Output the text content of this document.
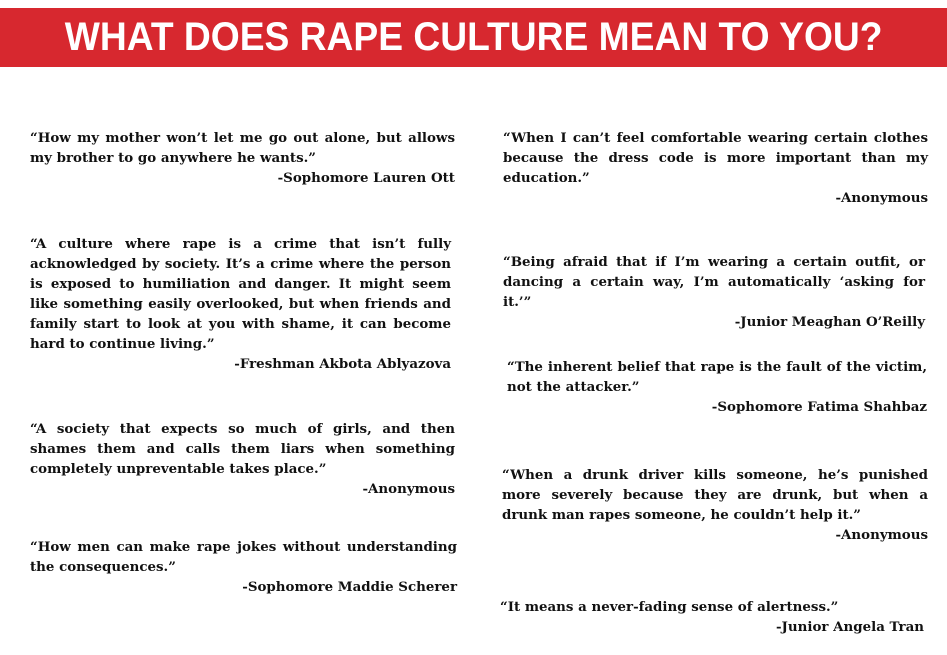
WHAT DOES RAPE CULTURE MEAN TO YOU?
“How my mother won’t let me go out alone, but allows my brother to go anywhere he wants.”
-Sophomore Lauren Ott
“A culture where rape is a crime that isn’t fully acknowledged by society. It’s a crime where the person is exposed to humiliation and danger. It might seem like something easily overlooked, but when friends and family start to look at you with shame, it can become hard to continue living.”
-Freshman Akbota Ablyazova
“A society that expects so much of girls, and then shames them and calls them liars when something completely unpreventable takes place.”
-Anonymous
“How men can make rape jokes without understanding the consequences.”
-Sophomore Maddie Scherer
“When I can’t feel comfortable wearing certain clothes because the dress code is more important than my education.”
-Anonymous
“Being afraid that if I’m wearing a certain outfit, or dancing a certain way, I’m automatically ‘asking for it.’”
-Junior Meaghan O’Reilly
“The inherent belief that rape is the fault of the victim, not the attacker.”
-Sophomore Fatima Shahbaz
“When a drunk driver kills someone, he’s punished more severely because they are drunk, but when a drunk man rapes someone, he couldn’t help it.”
-Anonymous
“It means a never-fading sense of alertness.”
-Junior Angela Tran
